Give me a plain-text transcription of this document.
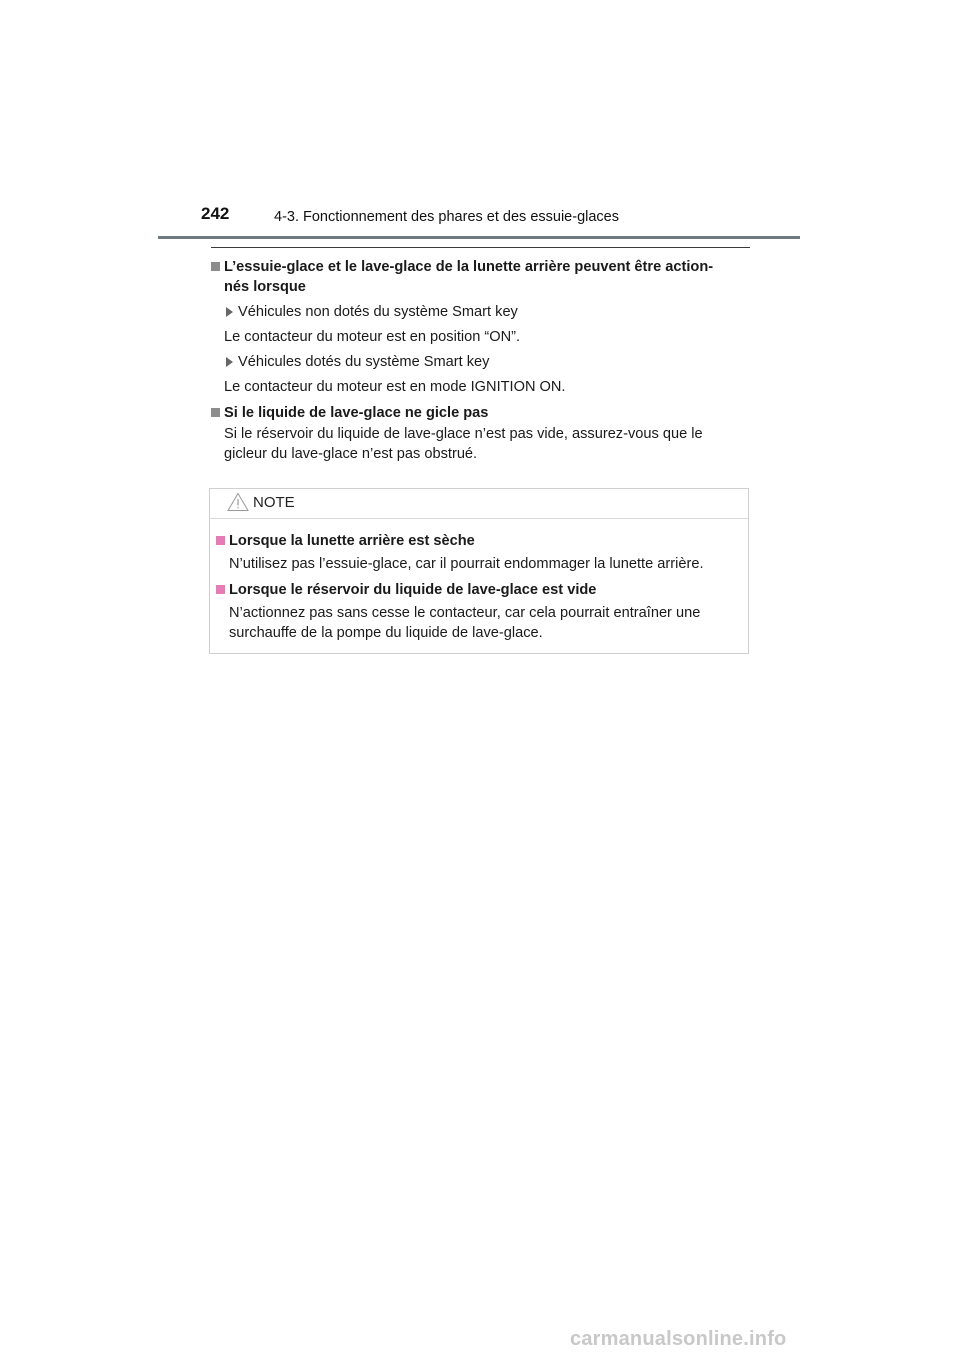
242	4-3. Fonctionnement des phares et des essuie-glaces

L’essuie-glace et le lave-glace de la lunette arrière peuvent être action-
nés lorsque

Véhicules non dotés du système Smart key
Le contacteur du moteur est en position “ON”.
Véhicules dotés du système Smart key
Le contacteur du moteur est en mode IGNITION ON.

Si le liquide de lave-glace ne gicle pas

Si le réservoir du liquide de lave-glace n’est pas vide, assurez-vous que le
gicleur du lave-glace n’est pas obstrué.
NOTE

Lorsque la lunette arrière est sèche

N’utilisez pas l’essuie-glace, car il pourrait endommager la lunette arrière.

Lorsque le réservoir du liquide de lave-glace est vide

N’actionnez pas sans cesse le contacteur, car cela pourrait entraîner une
surchauffe de la pompe du liquide de lave-glace.
carmanualsonline.info
